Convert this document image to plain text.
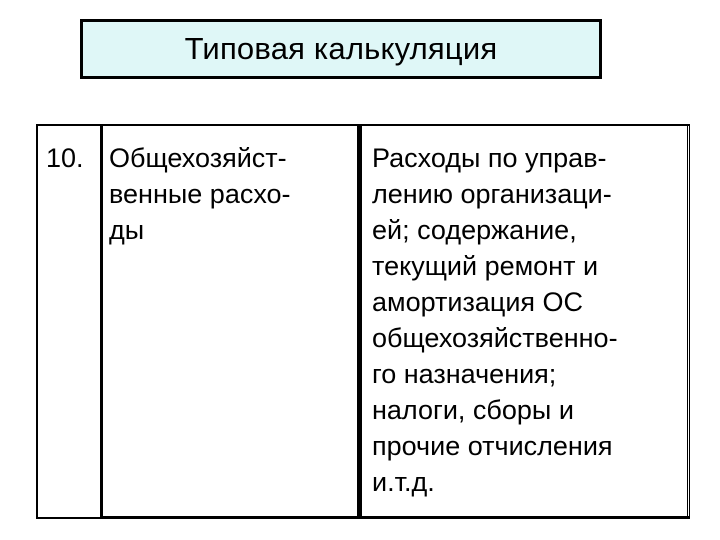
Типовая калькуляция
10. Общехозяйст-
венные расхо-
ды
Расходы по управ-
лению организаци-
ей; содержание,
текущий ремонт и
амортизация ОС
общехозяйственно-
го назначения;
налоги, сборы и
прочие отчисления
и.т.д.
